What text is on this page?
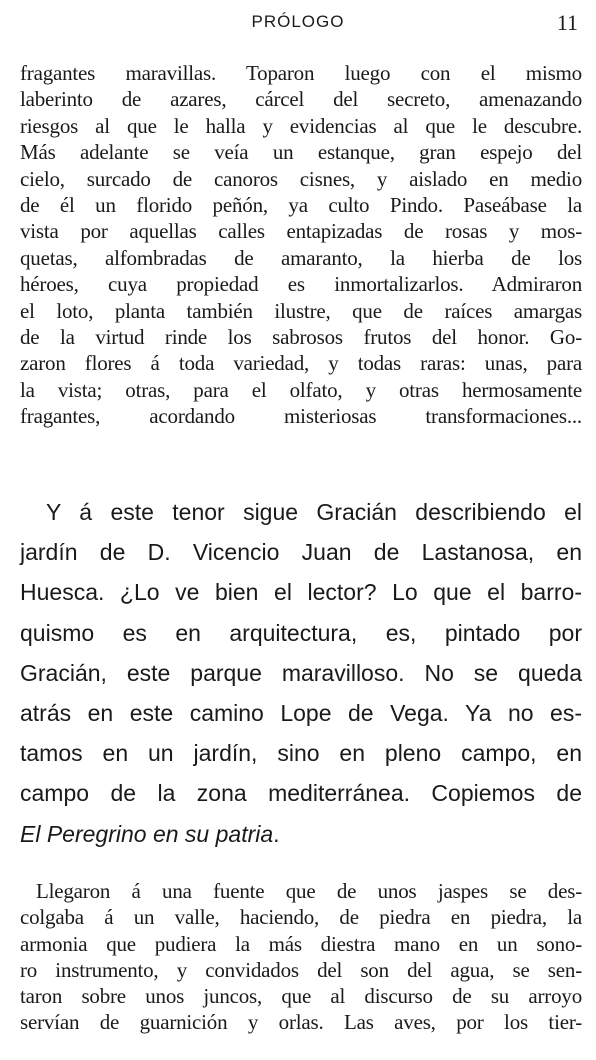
PRÓLOGO	11
fragantes maravillas. Toparon luego con el mismo
laberinto de azares, cárcel del secreto, amenazando
riesgos al que le halla y evidencias al que le descubre.
Más adelante se veía un estanque, gran espejo del
cielo, surcado de canoros cisnes, y aislado en medio
de él un florido peñón, ya culto Pindo. Paseábase la
vista por aquellas calles entapizadas de rosas y mos-
quetas, alfombradas de amaranto, la hierba de los
héroes, cuya propiedad es inmortalizarlos. Admiraron
el loto, planta también ilustre, que de raíces amargas
de la virtud rinde los sabrosos frutos del honor. Go-
zaron flores á toda variedad, y todas raras: unas, para
la vista; otras, para el olfato, y otras hermosamente
fragantes, acordando misteriosas transformaciones...
Y á este tenor sigue Gracián describiendo el
jardín de D. Vicencio Juan de Lastanosa, en
Huesca. ¿Lo ve bien el lector? Lo que el barro-
quismo es en arquitectura, es, pintado por
Gracián, este parque maravilloso. No se queda
atrás en este camino Lope de Vega. Ya no es-
tamos en un jardín, sino en pleno campo, en
campo de la zona mediterránea. Copiemos de
El Peregrino en su patria.
Llegaron á una fuente que de unos jaspes se des-
colgaba á un valle, haciendo, de piedra en piedra, la
armonia que pudiera la más diestra mano en un sono-
ro instrumento, y convidados del son del agua, se sen-
taron sobre unos juncos, que al discurso de su arroyo
servían de guarnición y orlas. Las aves, por los tier-
